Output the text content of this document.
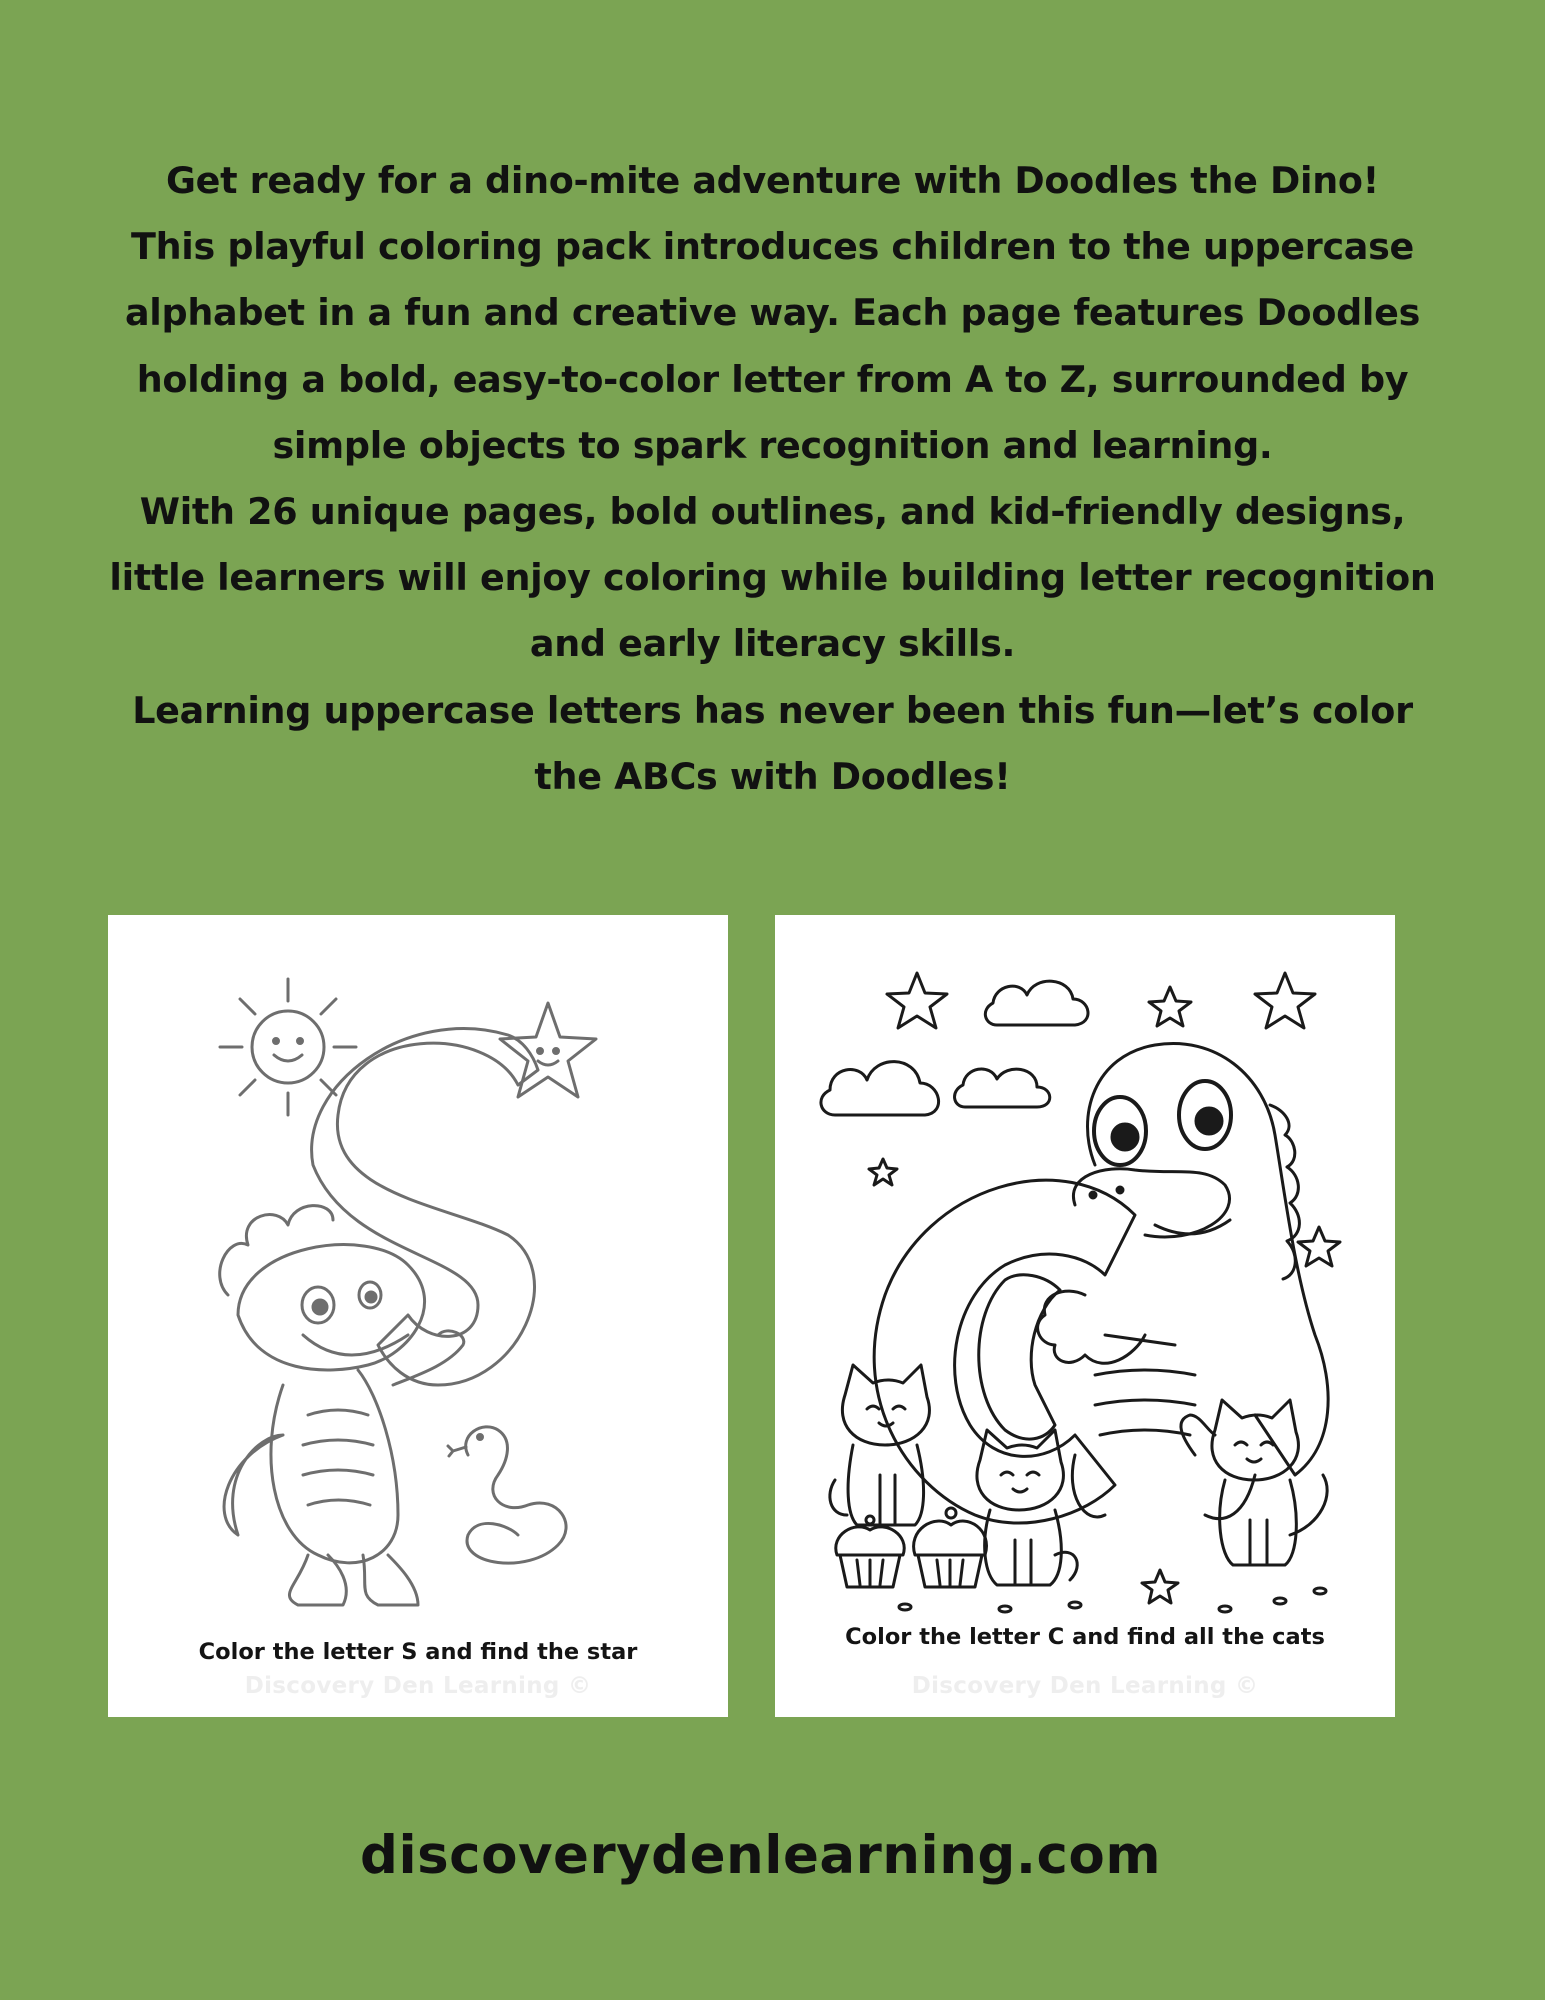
Get ready for a dino-mite adventure with Doodles the Dino!
This playful coloring pack introduces children to the uppercase
alphabet in a fun and creative way. Each page features Doodles
holding a bold, easy-to-color letter from A to Z, surrounded by
simple objects to spark recognition and learning.
With 26 unique pages, bold outlines, and kid-friendly designs,
little learners will enjoy coloring while building letter recognition
and early literacy skills.
Learning uppercase letters has never been this fun—let’s color
the ABCs with Doodles!
Color the letter S and find the star
Discovery Den Learning ©
Color the letter C and find all the cats
Discovery Den Learning ©
discoverydenlearning.com
